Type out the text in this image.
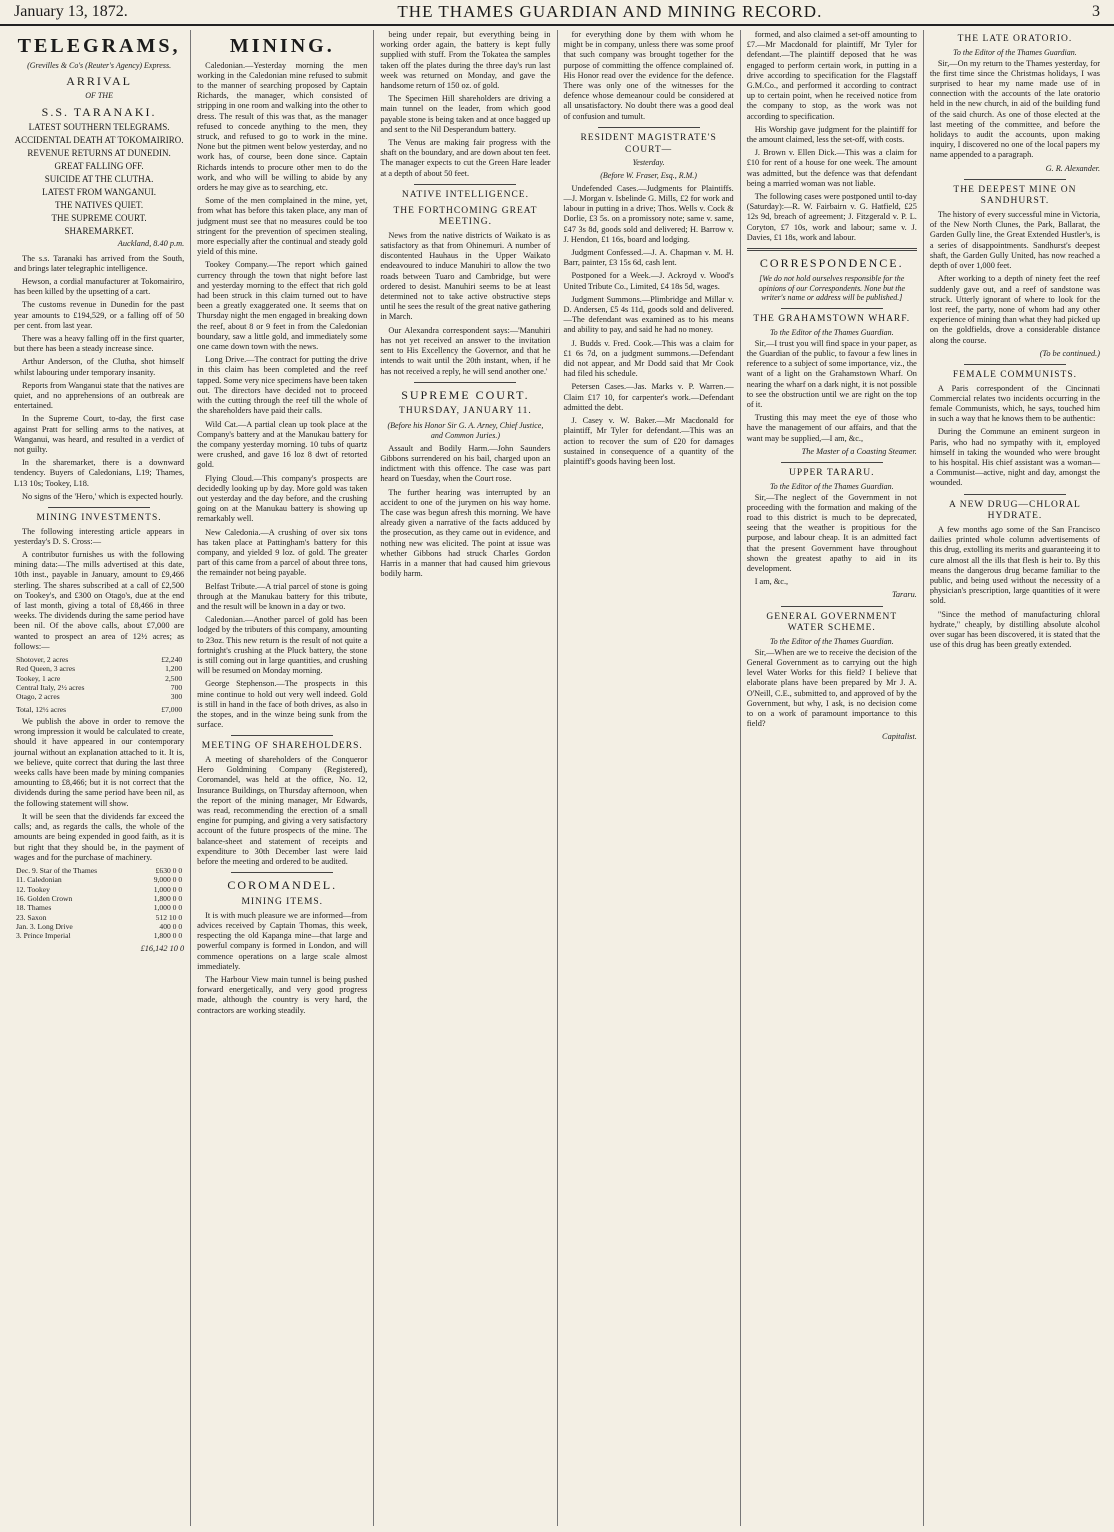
January 13, 1872.	THE THAMES GUARDIAN AND MINING RECORD.	3
TELEGRAMS,
(Grevilles & Co's (Reuter's Agency) Express.
ARRIVAL
OF THE
S.S. TARANAKI.
LATEST SOUTHERN TELEGRAMS.
ACCIDENTAL DEATH AT TOKOMAIRIRO.
REVENUE RETURNS AT DUNEDIN.
GREAT FALLING OFF.
SUICIDE AT THE CLUTHA.
LATEST FROM WANGANUI.
THE NATIVES QUIET.
THE SUPREME COURT.
SHAREMARKET.
Auckland, 8.40 p.m.

The s.s. Taranaki has arrived from the South, and brings later telegraphic intelligence.

Hewson, a cordial manufacturer at Tokomairiro, has been killed by the upsetting of a cart.

The customs revenue in Dunedin for the past year amounts to £194,529, or a falling off of 50 per cent. from last year.

There was a heavy falling off in the first quarter, but there has been a steady increase since.

Arthur Anderson, of the Clutha, shot himself whilst labouring under temporary insanity.

Reports from Wanganui state that the natives are quiet, and no apprehensions of an outbreak are entertained.

In the Supreme Court, to-day, the first case against Pratt for selling arms to the natives, at Wanganui, was heard, and resulted in a verdict of not guilty.

In the sharemarket, there is a downward tendency. Buyers of Caledonians, L19; Thames, L13 10s; Tookey, L18.

No signs of the 'Hero,' which is expected hourly.

MINING INVESTMENTS.

The following interesting article appears in yesterday's D. S. Cross:—

A contributor furnishes us with the following mining data:—The mills advertised at this date, 10th inst., payable in January, amount to £9,466 sterling. The shares subscribed at a call of £2,500 on Tookey's, and £300 on Otago's, due at the end of last month, giving a total of £8,466 in three weeks. The dividends during the same period have been nil. Of the above calls, about £7,000 are wanted to prospect an area of 12½ acres; as follows:—

Shotover, 2 acres	£2,240
Red Queen, 3 acres	1,200
Tookey, 1 acre	2,500
Central Italy, 2½ acres	700
Otago, 2 acres	300
Total, 12½ acres	£7,000

We publish the above in order to remove the wrong impression it would be calculated to create, should it have appeared in our contemporary journal without an explanation attached to it. It is, we believe, quite correct that during the last three weeks calls have been made by mining companies amounting to £8,466; but it is not correct that the dividends during the same period have been nil, as the following statement will show.

It will be seen that the dividends far exceed the calls; and, as regards the calls, the whole of the amounts are being expended in good faith, as it is but right that they should be, in the payment of wages and for the purchase of machinery.

Dec. 9. Star of the Thames	£630 0 0
11. Caledonian	9,000 0 0
12. Tookey	1,000 0 0
16. Golden Crown	1,800 0 0
18. Thames	1,000 0 0
23. Saxon	512 10 0
Jan. 3. Long Drive	400 0 0
3. Prince Imperial	1,800 0 0
£16,142 10 0
MINING.

Caledonian.—Yesterday morning the men working in the Caledonian mine refused to submit to the manner of searching proposed by Captain Richards, the manager, which consisted of stripping in one room and walking into the other to dress. The result of this was that, as the manager refused to concede anything to the men, they struck, and refused to go to work in the mine. None but the pitmen went below yesterday, and no work has, of course, been done since. Captain Richards intends to procure other men to do the work, and who will be willing to abide by any orders he may give as to searching, etc.

Some of the men complained in the mine, yet, from what has before this taken place, any man of judgment must see that no measures could be too stringent for the prevention of specimen stealing, more especially after the continual and steady gold yield of this mine.

Tookey Company.—The report which gained currency through the town that night before last and yesterday morning to the effect that rich gold had been struck in this claim turned out to have been a greatly exaggerated one. It seems that on Thursday night the men engaged in breaking down the reef, about 8 or 9 feet in from the Caledonian boundary, saw a little gold, and immediately some one came down town with the news.

Long Drive.—The contract for putting the drive in this claim has been completed and the reef tapped. Some very nice specimens have been taken out. The directors have decided not to proceed with the cutting through the reef till the whole of the shareholders have paid their calls.

Wild Cat.—A partial clean up took place at the Company's battery and at the Manukau battery for the company yesterday morning. 10 tubs of quartz were crushed, and gave 16 loz 8 dwt of retorted gold.

Flying Cloud.—This company's prospects are decidedly looking up by day. More gold was taken out yesterday and the day before, and the crushing going on at the Manukau battery is showing up remarkably well.

New Caledonia.—A crushing of over six tons has taken place at Pattingham's battery for this company, and yielded 9 loz. of gold. The greater part of this came from a parcel of about three tons, the remainder not being payable.

Belfast Tribute.—A trial parcel of stone is going through at the Manukau battery for this tribute, and the result will be known in a day or two.

Caledonian.—Another parcel of gold has been lodged by the tributers of this company, amounting to 23oz. This new return is the result of not quite a fortnight's crushing at the Pluck battery, the stone is still coming out in large quantities, and crushing will be resumed on Monday morning.

George Stephenson.—The prospects in this mine continue to hold out very well indeed. Gold is still in hand in the face of both drives, as also in the stopes, and in the winze being sunk from the surface.

MEETING OF SHAREHOLDERS.

A meeting of shareholders of the Conqueror Hero Goldmining Company (Registered), Coromandel, was held at the office, No. 12, Insurance Buildings, on Thursday afternoon, when the report of the mining manager, Mr Edwards, was read, recommending the erection of a small engine for pumping, and giving a very satisfactory account of the future prospects of the mine. The balance-sheet and statement of receipts and expenditure to 30th December last were laid before the meeting and ordered to be audited.

COROMANDEL.
MINING ITEMS.

It is with much pleasure we are informed—from advices received by Captain Thomas, this week, respecting the old Kapanga mine—that large and powerful company is formed in London, and will commence operations on a large scale almost immediately.

The Harbour View main tunnel is being pushed forward energetically, and very good progress made, although the country is very hard, the contractors are working steadily.

being under repair, but everything being in working order again, the battery is kept fully supplied with stuff. From the Tokatea the samples taken off the plates during the three day's run last week was returned on Monday, and gave the handsome return of 150 oz. of gold.

The Specimen Hill shareholders are driving a main tunnel on the leader, from which good payable stone is being taken and at once bagged up and sent to the Nil Desperandum battery.

The Venus are making fair progress with the shaft on the boundary, and are down about ten feet. The manager expects to cut the Green Hare leader at a depth of about 50 feet.

NATIVE INTELLIGENCE.
THE FORTHCOMING GREAT MEETING.

News from the native districts of Waikato is as satisfactory as that from Ohinemuri. A number of discontented Hauhaus in the Upper Waikato endeavoured to induce Manuhiri to allow the two roads between Tuaro and Cambridge, but were ordered to desist. Manuhiri seems to be at least determined not to take active obstructive steps until he sees the result of the great native gathering in March.

Our Alexandra correspondent says:—'Manuhiri has not yet received an answer to the invitation sent to His Excellency the Governor, and that he intends to wait until the 20th instant, when, if he has not received a reply, he will send another one.'

SUPREME COURT.
THURSDAY, JANUARY 11.
(Before his Honor Sir G. A. Arney, Chief Justice, and Common Juries.)

Assault and Bodily Harm.—John Saunders Gibbons surrendered on his bail, charged upon an indictment with this offence. The case was part heard on Tuesday, when the Court rose.

The further hearing was interrupted by an accident to one of the jurymen on his way home. The case was begun afresh this morning. We have already given a narrative of the facts adduced by the prosecution, as they came out in evidence, and nothing new was elicited. The point at issue was whether Gibbons had struck Charles Gordon Harris in a manner that had caused him grievous bodily harm.

for everything done by them with whom he might be in company, unless there was some proof that such company was brought together for the purpose of committing the offence complained of. His Honor read over the evidence for the defence. There was only one of the witnesses for the defence whose demeanour could be considered at all unsatisfactory. No doubt there was a good deal of confusion and tumult.

RESIDENT MAGISTRATE'S COURT—
Yesterday.
(Before W. Fraser, Esq., R.M.)

Undefended Cases.—Judgments for Plaintiffs.—J. Morgan v. Isbelinde G. Mills, £2 for work and labour in putting in a drive; Thos. Wells v. Cock & Dorlie, £3 5s. on a promissory note; same v. same, £47 3s 8d, goods sold and delivered; H. Barrow v. J. Hendon, £1 16s, board and lodging.

Judgment Confessed.—J. A. Chapman v. M. H. Barr, painter, £3 15s 6d, cash lent.

Postponed for a Week.—J. Ackroyd v. Wood's United Tribute Co., Limited, £4 18s 5d, wages.

Judgment Summons.—Plimbridge and Millar v. D. Andersen, £5 4s 11d, goods sold and delivered.—The defendant was examined as to his means and ability to pay, and said he had no money.

J. Budds v. Fred. Cook.—This was a claim for £1 6s 7d, on a judgment summons.—Defendant did not appear, and Mr Dodd said that Mr Cook had filed his schedule.

Petersen Cases.—Jas. Marks v. P. Warren.—Claim £17 10, for carpenter's work.—Defendant admitted the debt.

J. Casey v. W. Baker.—Mr Macdonald for plaintiff, Mr Tyler for defendant.—This was an action to recover the sum of £20 for damages sustained in consequence of a quantity of the plaintiff's goods having been lost.

formed, and also claimed a set-off amounting to £7.—Mr Macdonald for plaintiff, Mr Tyler for defendant.—The plaintiff deposed that he was engaged to perform certain work, in putting in a drive according to specification for the Flagstaff G.M.Co., and performed it according to contract up to certain point, when he received notice from the company to stop, as the work was not according to specification.

His Worship gave judgment for the plaintiff for the amount claimed, less the set-off, with costs.

J. Brown v. Ellen Dick.—This was a claim for £10 for rent of a house for one week. The amount was admitted, but the defence was that defendant being a married woman was not liable.

The following cases were postponed until to-day (Saturday):—R. W. Fairbairn v. G. Hatfield, £25 12s 9d, breach of agreement; J. Fitzgerald v. P. L. Coryton, £7 10s, work and labour; same v. J. Davies, £1 18s, work and labour.

CORRESPONDENCE.
[We do not hold ourselves responsible for the opinions of our Correspondents. None but the writer's name or address will be published.]
THE GRAHAMSTOWN WHARF.
To the Editor of the Thames Guardian.

Sir,—I trust you will find space in your paper, as the Guardian of the public, to favour a few lines in reference to a subject of some importance, viz., the want of a light on the Grahamstown Wharf. On nearing the wharf on a dark night, it is not possible to see the obstruction until we are right on the top of it.

Trusting this may meet the eye of those who have the management of our affairs, and that the want may be supplied,—I am, &c.,

The Master of a Coasting Steamer.
UPPER TARARU.
To the Editor of the Thames Guardian.

Sir,—The neglect of the Government in not proceeding with the formation and making of the road to this district is much to be deprecated, seeing that the weather is propitious for the purpose, and labour cheap. It is an admitted fact that the present Government have throughout shown the greatest apathy to aid in its development.

I am, &c.,

Tararu.
GENERAL GOVERNMENT WATER SCHEME.
To the Editor of the Thames Guardian.

Sir,—When are we to receive the decision of the General Government as to carrying out the high level Water Works for this field? I believe that elaborate plans have been prepared by Mr J. A. O'Neill, C.E., submitted to, and approved of by the Government, but why, I ask, is no decision come to on a work of paramount importance to this field?

Capitalist.
THE LATE ORATORIO.
To the Editor of the Thames Guardian.

Sir,—On my return to the Thames yesterday, for the first time since the Christmas holidays, I was surprised to hear my name made use of in connection with the accounts of the late oratorio held in the new church, in aid of the building fund of the said church. As one of those elected at the last meeting of the committee, and before the holidays to audit the accounts, upon making inquiry, I discovered no one of the local papers my name appended to a paragraph.

G. R. Alexander.
THE DEEPEST MINE ON SANDHURST.

The history of every successful mine in Victoria, of the New North Clunes, the Park, Ballarat, the Garden Gully line, the Great Extended Hustler's, is a series of disappointments. Sandhurst's deepest shaft, the Garden Gully United, has now reached a depth of over 1,000 feet.

After working to a depth of ninety feet the reef suddenly gave out, and a reef of sandstone was struck. Utterly ignorant of where to look for the lost reef, the party, none of whom had any other experience of mining than what they had picked up on the goldfields, drove a considerable distance along the course.

(To be continued.)
FEMALE COMMUNISTS.

A Paris correspondent of the Cincinnati Commercial relates two incidents occurring in the female Communists, which, he says, touched him in such a way that he knows them to be authentic:

During the Commune an eminent surgeon in Paris, who had no sympathy with it, employed himself in taking the wounded who were brought to his hospital. His chief assistant was a woman—a Communist—active, night and day, amongst the wounded.

A NEW DRUG—CHLORAL HYDRATE.

A few months ago some of the San Francisco dailies printed whole column advertisements of this drug, extolling its merits and guaranteeing it to cure almost all the ills that flesh is heir to. By this means the dangerous drug became familiar to the public, and being used without the necessity of a physician's prescription, large quantities of it were sold.

"Since the method of manufacturing chloral hydrate," cheaply, by distilling absolute alcohol over sugar has been discovered, it is stated that the use of this drug has been greatly extended.
